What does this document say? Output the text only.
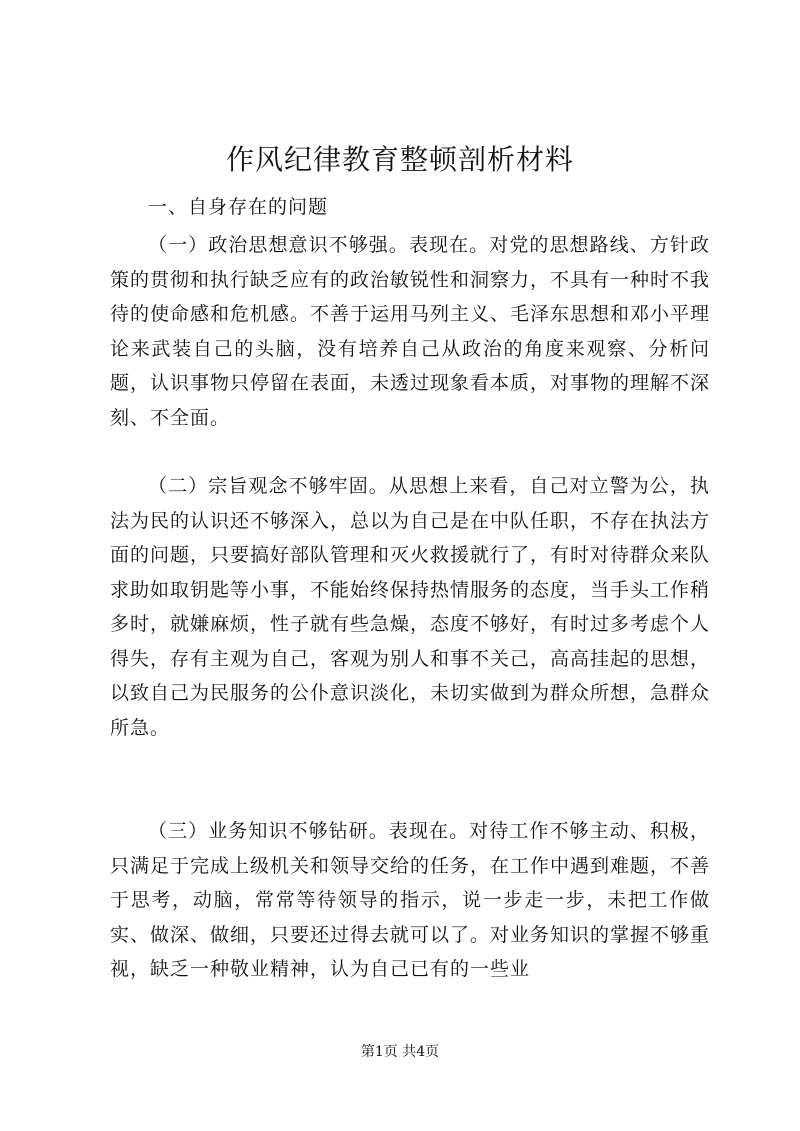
作风纪律教育整顿剖析材料

一、自身存在的问题

（一）政治思想意识不够强。表现在。对党的思想路线、方针政策的贯彻和执行缺乏应有的政治敏锐性和洞察力，不具有一种时不我待的使命感和危机感。不善于运用马列主义、毛泽东思想和邓小平理论来武装自己的头脑，没有培养自己从政治的角度来观察、分析问题，认识事物只停留在表面，未透过现象看本质，对事物的理解不深刻、不全面。

（二）宗旨观念不够牢固。从思想上来看，自己对立警为公，执法为民的认识还不够深入，总以为自己是在中队任职，不存在执法方面的问题，只要搞好部队管理和灭火救援就行了，有时对待群众来队求助如取钥匙等小事，不能始终保持热情服务的态度，当手头工作稍多时，就嫌麻烦，性子就有些急燥，态度不够好，有时过多考虑个人得失，存有主观为自己，客观为别人和事不关己，高高挂起的思想，以致自己为民服务的公仆意识淡化，未切实做到为群众所想，急群众所急。

（三）业务知识不够钻研。表现在。对待工作不够主动、积极，只满足于完成上级机关和领导交给的任务，在工作中遇到难题，不善于思考，动脑，常常等待领导的指示，说一步走一步，未把工作做实、做深、做细，只要还过得去就可以了。对业务知识的掌握不够重视，缺乏一种敬业精神，认为自己已有的一些业

第1页 共4页
